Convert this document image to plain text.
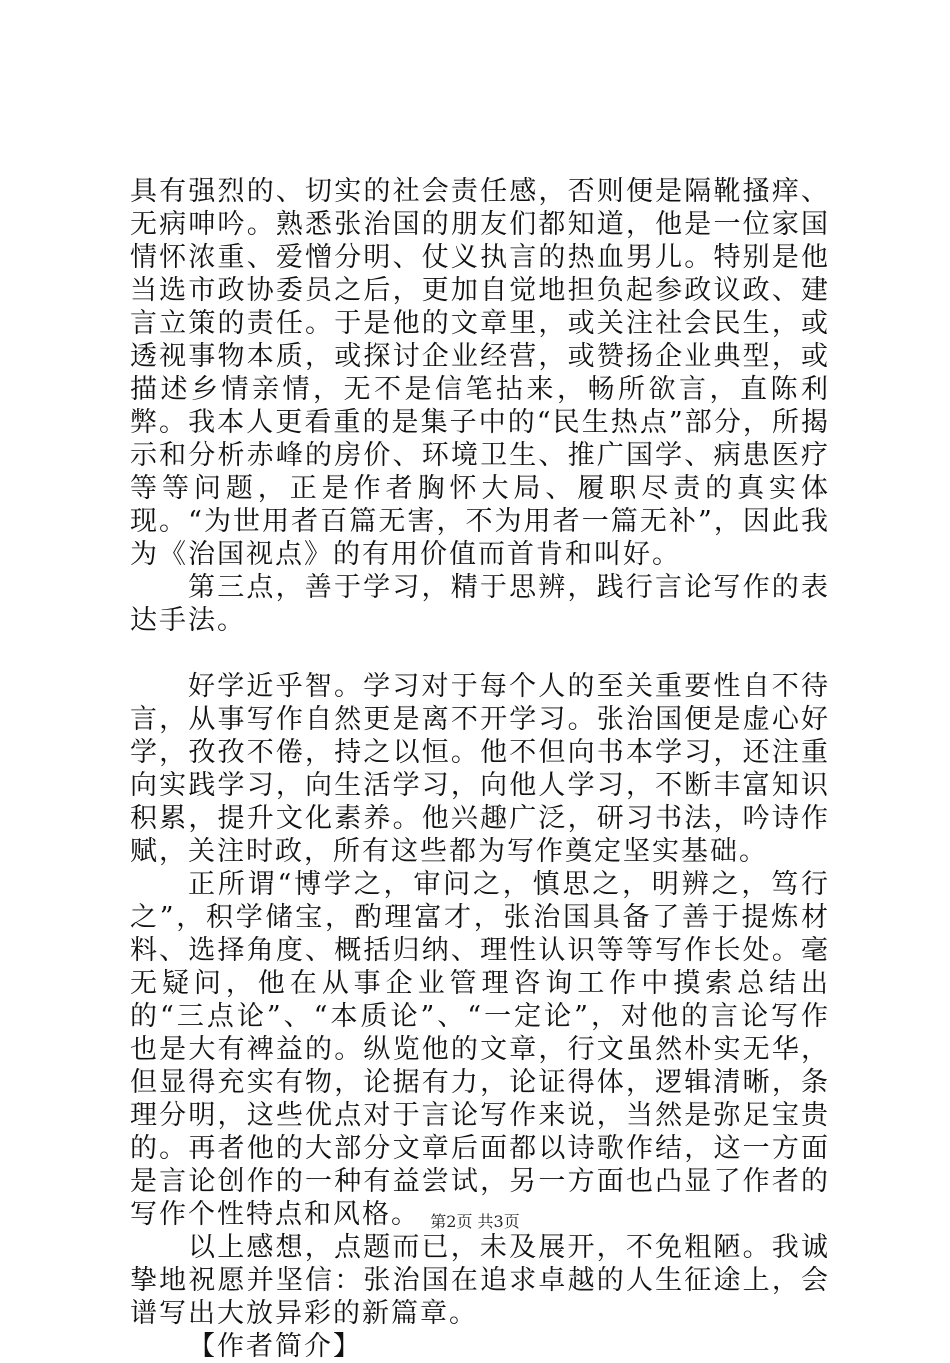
具有强烈的、切实的社会责任感，否则便是隔靴搔痒、无病呻吟。熟悉张治国的朋友们都知道，他是一位家国情怀浓重、爱憎分明、仗义执言的热血男儿。特别是他当选市政协委员之后，更加自觉地担负起参政议政、建言立策的责任。于是他的文章里，或关注社会民生，或透视事物本质，或探讨企业经营，或赞扬企业典型，或描述乡情亲情，无不是信笔拈来，畅所欲言，直陈利弊。我本人更看重的是集子中的“民生热点”部分，所揭示和分析赤峰的房价、环境卫生、推广国学、病患医疗等等问题，正是作者胸怀大局、履职尽责的真实体现。“为世用者百篇无害，不为用者一篇无补”，因此我为《治国视点》的有用价值而首肯和叫好。

第三点，善于学习，精于思辨，践行言论写作的表达手法。

好学近乎智。学习对于每个人的至关重要性自不待言，从事写作自然更是离不开学习。张治国便是虚心好学，孜孜不倦，持之以恒。他不但向书本学习，还注重向实践学习，向生活学习，向他人学习，不断丰富知识积累，提升文化素养。他兴趣广泛，研习书法，吟诗作赋，关注时政，所有这些都为写作奠定坚实基础。

正所谓“博学之，审问之，慎思之，明辨之，笃行之”，积学储宝，酌理富才，张治国具备了善于提炼材料、选择角度、概括归纳、理性认识等等写作长处。毫无疑问，他在从事企业管理咨询工作中摸索总结出的“三点论”、“本质论”、“一定论”，对他的言论写作也是大有裨益的。纵览他的文章，行文虽然朴实无华，但显得充实有物，论据有力，论证得体，逻辑清晰，条理分明，这些优点对于言论写作来说，当然是弥足宝贵的。再者他的大部分文章后面都以诗歌作结，这一方面是言论创作的一种有益尝试，另一方面也凸显了作者的写作个性特点和风格。

以上感想，点题而已，未及展开，不免粗陋。我诚挚地祝愿并坚信：张治国在追求卓越的人生征途上，会谱写出大放异彩的新篇章。

【作者简介】

第2页 共3页
